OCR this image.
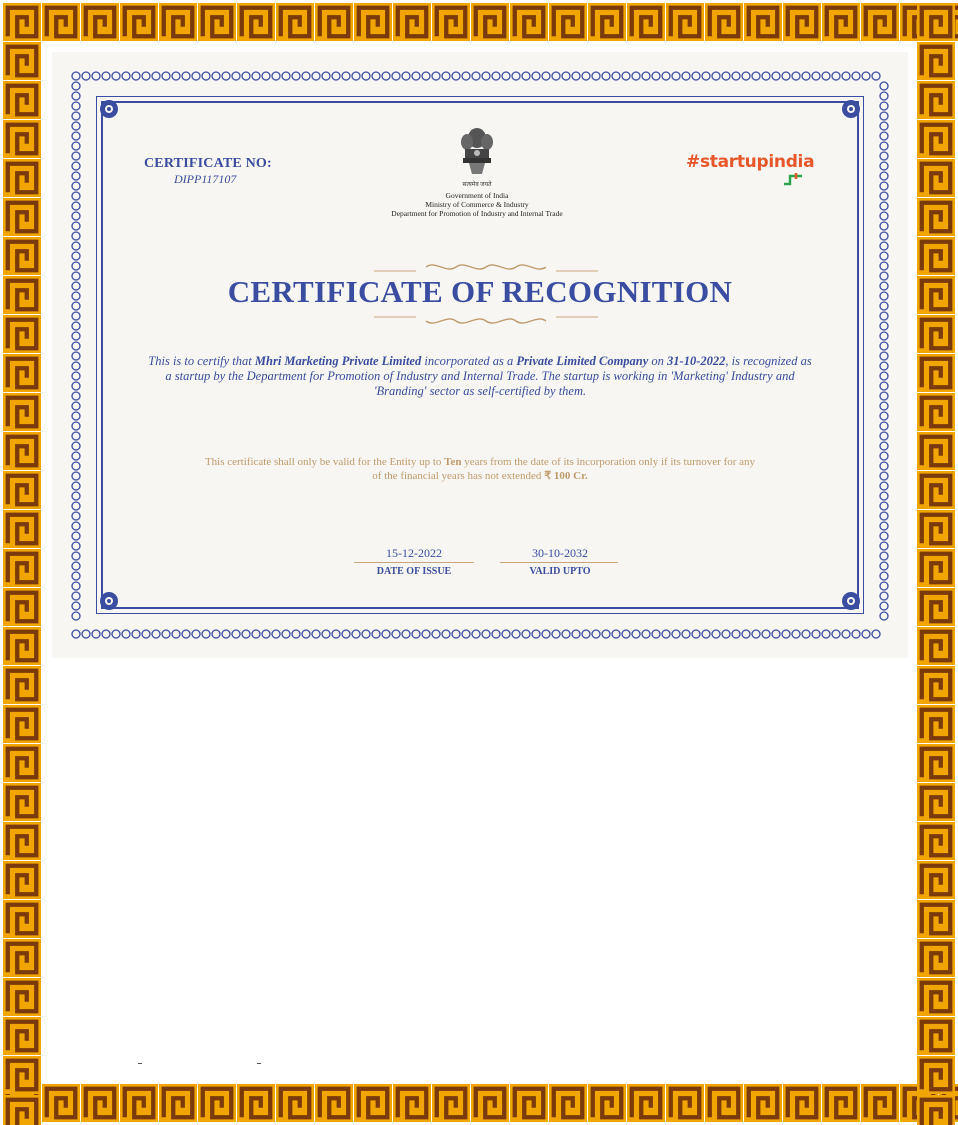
CERTIFICATE NO:
DIPP117107	सत्यमेव जयते
Government of India
Ministry of Commerce & Industry
Department for Promotion of Industry and Internal Trade
#startupindia
CERTIFICATE OF RECOGNITION
This is to certify that Mhri Marketing Private Limited incorporated as a Private Limited Company on 31-10-2022, is recognized as a startup by the Department for Promotion of Industry and Internal Trade. The startup is working in 'Marketing' Industry and 'Branding' sector as self-certified by them.
This certificate shall only be valid for the Entity up to Ten years from the date of its incorporation only if its turnover for any of the financial years has not extended ₹ 100 Cr.
15-12-2022
DATE OF ISSUE
30-10-2032
VALID UPTO
